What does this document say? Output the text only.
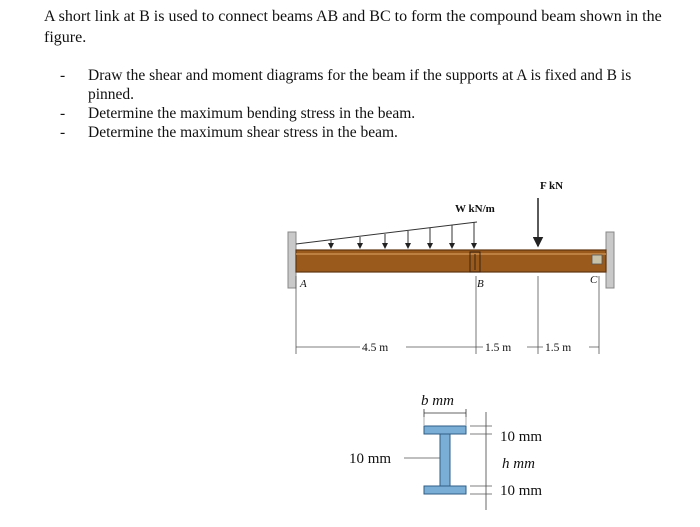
A short link at B is used to connect beams AB and BC to form the compound beam shown in the figure.
- Draw the shear and moment diagrams for the beam if the supports at A is fixed and B is pinned.
- Determine the maximum bending stress in the beam.
- Determine the maximum shear stress in the beam.
W kN/m
F kN
A	B	C
4.5 m	1.5 m	1.5 m
b mm
10 mm
10 mm
h mm
10 mm
